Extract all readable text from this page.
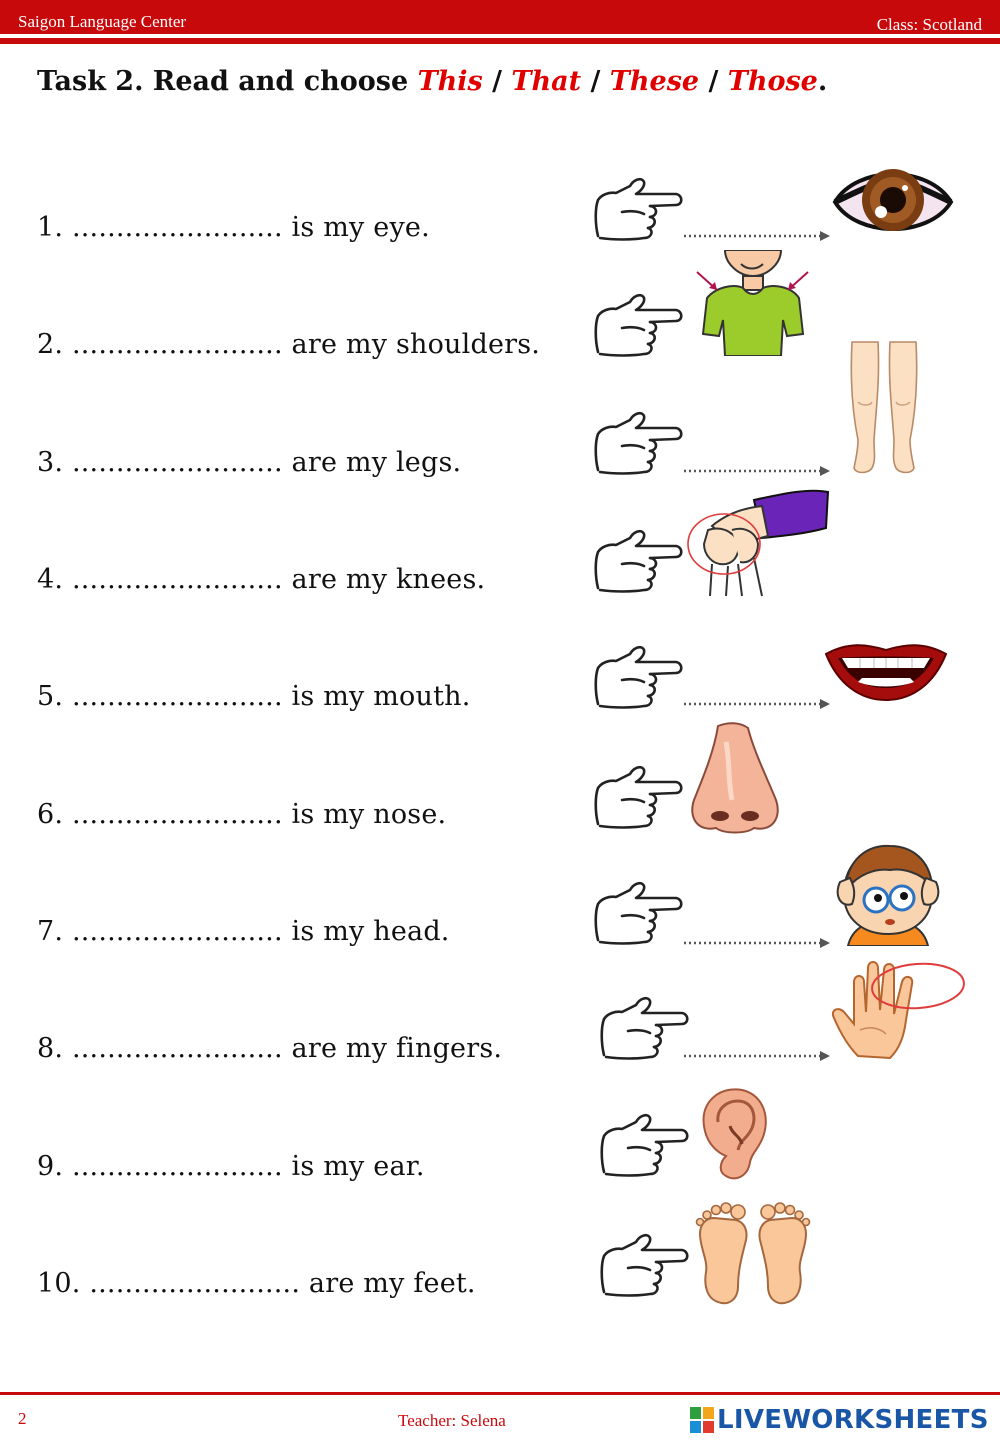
Saigon Language Center	Class: Scotland
Task 2. Read and choose This / That / These / Those.
1. ........................ is my eye.
2. ........................ are my shoulders.
3. ........................ are my legs.
4. ........................ are my knees.
5. ........................ is my mouth.
6. ........................ is my nose.
7. ........................ is my head.
8. ........................ are my fingers.
9. ........................ is my ear.
10. ........................ are my feet.
2	Teacher: Selena	LIVEWORKSHEETS
